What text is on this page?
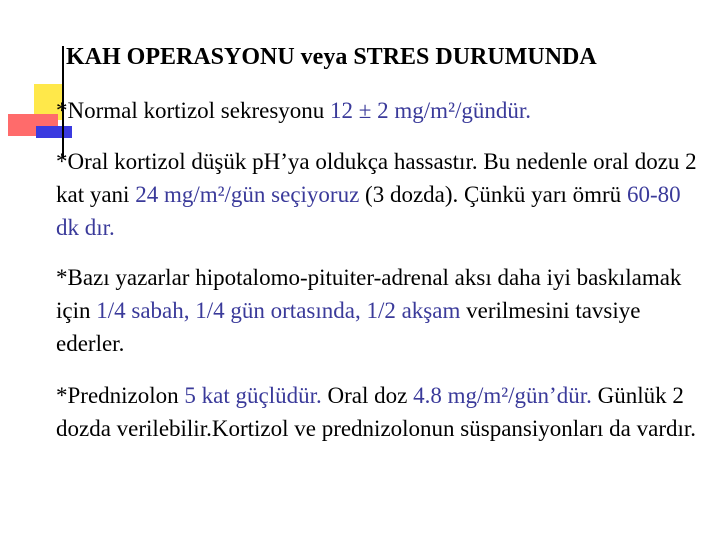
KAH OPERASYONU veya STRES DURUMUNDA
*Normal kortizol sekresyonu 12 ± 2 mg/m²/gündür.
*Oral kortizol düşük pH’ya oldukça hassastır. Bu nedenle oral dozu 2 kat yani 24 mg/m²/gün seçiyoruz (3 dozda). Çünkü yarı ömrü 60-80 dk dır.
*Bazı yazarlar hipotalomo-pituiter-adrenal aksı daha iyi baskılamak için 1/4 sabah, 1/4 gün ortasında, 1/2 akşam verilmesini tavsiye ederler.
*Prednizolon 5 kat güçlüdür. Oral doz 4.8 mg/m²/gün’dür. Günlük 2 dozda verilebilir.Kortizol ve prednizolonun süspansiyonları da vardır.
